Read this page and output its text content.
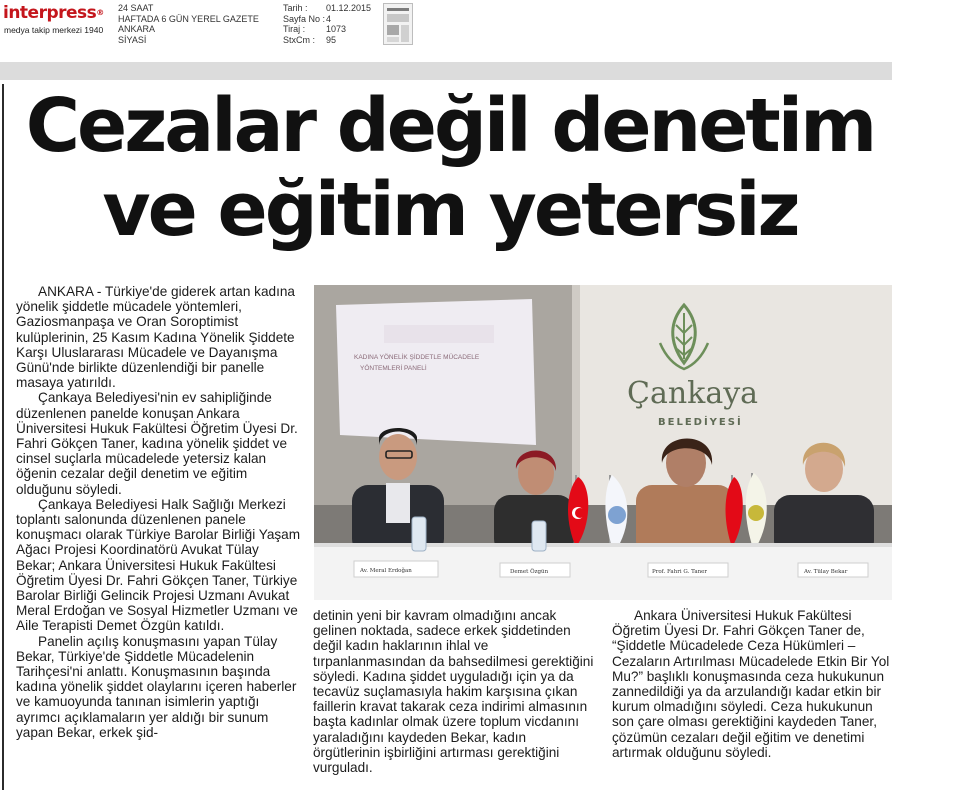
interpress®
medya takip merkezi 1940
24 SAAT
HAFTADA 6 GÜN YEREL GAZETE
ANKARA
SİYASİ
Tarih :	01.12.2015
Sayfa No : 4
Tiraj :	1073
StxCm :	95
Cezalar değil denetim
ve eğitim yetersiz

ANKARA - Türkiye'de giderek artan kadına yönelik şiddetle mücadele yöntemleri, Gaziosmanpaşa ve Oran Soroptimist kulüplerinin, 25 Kasım Kadına Yönelik Şiddete Karşı Uluslararası Mücadele ve Dayanışma Günü'nde birlikte düzenlendiği bir panelle masaya yatırıldı.

Çankaya Belediyesi'nin ev sahipliğinde düzenlenen panelde konuşan Ankara Üniversitesi Hukuk Fakültesi Öğretim Üyesi Dr. Fahri Gökçen Taner, kadına yönelik şiddet ve cinsel suçlarla mücadelede yetersiz kalan öğenin cezalar değil denetim ve eğitim olduğunu söyledi.

Çankaya Belediyesi Halk Sağlığı Merkezi toplantı salonunda düzenlenen panele konuşmacı olarak Türkiye Barolar Birliği Yaşam Ağacı Projesi Koordinatörü Avukat Tülay Bekar; Ankara Üniversitesi Hukuk Fakültesi Öğretim Üyesi Dr. Fahri Gökçen Taner, Türkiye Barolar Birliği Gelincik Projesi Uzmanı Avukat Meral Erdoğan ve Sosyal Hizmetler Uzmanı ve Aile Terapisti Demet Özgün katıldı.

Panelin açılış konuşmasını yapan Tülay Bekar, Türkiye'de Şiddetle Mücadelenin Tarihçesi'ni anlattı. Konuşmasının başında kadına yönelik şiddet olaylarını içeren haberler ve kamuoyunda tanınan isimlerin yaptığı ayrımcı açıklamaların yer aldığı bir sunum yapan Bekar, erkek şid-

KADINA YÖNELİK ŞİDDETLE MÜCADELE
YÖNTEMLERİ PANELİ
Çankaya
BELEDİYESİ
Av. Meral Erdoğan	Demet Özgün	Prof. Fahri G. Taner	Av. Tülay Bekar

detinin yeni bir kavram olmadığını ancak gelinen noktada, sadece erkek şiddetinden değil kadın haklarının ihlal ve tırpanlanmasından da bahsedilmesi gerektiğini söyledi. Kadına şiddet uyguladığı için ya da tecavüz suçlamasıyla hakim karşısına çıkan faillerin kravat takarak ceza indirimi almasının başta kadınlar olmak üzere toplum vicdanını yaraladığını kaydeden Bekar, kadın örgütlerinin işbirliğini artırması gerektiğini vurguladı.

Ankara Üniversitesi Hukuk Fakültesi Öğretim Üyesi Dr. Fahri Gökçen Taner de, “Şiddetle Mücadelede Ceza Hükümleri – Cezaların Artırılması Mücadelede Etkin Bir Yol Mu?” başlıklı konuşmasında ceza hukukunun zannedildiği ya da arzulandığı kadar etkin bir kurum olmadığını söyledi. Ceza hukukunun son çare olması gerektiğini kaydeden Taner, çözümün cezaları değil eğitim ve denetimi artırmak olduğunu söyledi.
